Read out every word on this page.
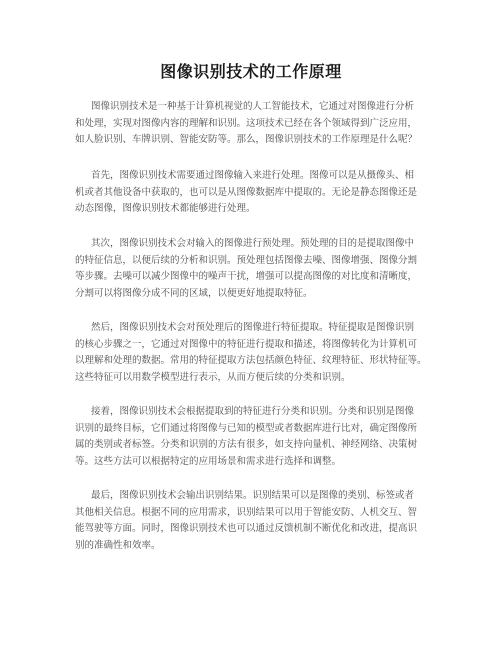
图像识别技术的工作原理
图像识别技术是一种基于计算机视觉的人工智能技术，它通过对图像进行分析
和处理，实现对图像内容的理解和识别。这项技术已经在各个领域得到广泛应用，
如人脸识别、车牌识别、智能安防等。那么，图像识别技术的工作原理是什么呢？
首先，图像识别技术需要通过图像输入来进行处理。图像可以是从摄像头、相
机或者其他设备中获取的，也可以是从图像数据库中提取的。无论是静态图像还是
动态图像，图像识别技术都能够进行处理。
其次，图像识别技术会对输入的图像进行预处理。预处理的目的是提取图像中
的特征信息，以便后续的分析和识别。预处理包括图像去噪、图像增强、图像分割
等步骤。去噪可以减少图像中的噪声干扰，增强可以提高图像的对比度和清晰度，
分割可以将图像分成不同的区域，以便更好地提取特征。
然后，图像识别技术会对预处理后的图像进行特征提取。特征提取是图像识别
的核心步骤之一，它通过对图像中的特征进行提取和描述，将图像转化为计算机可
以理解和处理的数据。常用的特征提取方法包括颜色特征、纹理特征、形状特征等。
这些特征可以用数学模型进行表示，从而方便后续的分类和识别。
接着，图像识别技术会根据提取到的特征进行分类和识别。分类和识别是图像
识别的最终目标，它们通过将图像与已知的模型或者数据库进行比对，确定图像所
属的类别或者标签。分类和识别的方法有很多，如支持向量机、神经网络、决策树
等。这些方法可以根据特定的应用场景和需求进行选择和调整。
最后，图像识别技术会输出识别结果。识别结果可以是图像的类别、标签或者
其他相关信息。根据不同的应用需求，识别结果可以用于智能安防、人机交互、智
能驾驶等方面。同时，图像识别技术也可以通过反馈机制不断优化和改进，提高识
别的准确性和效率。
